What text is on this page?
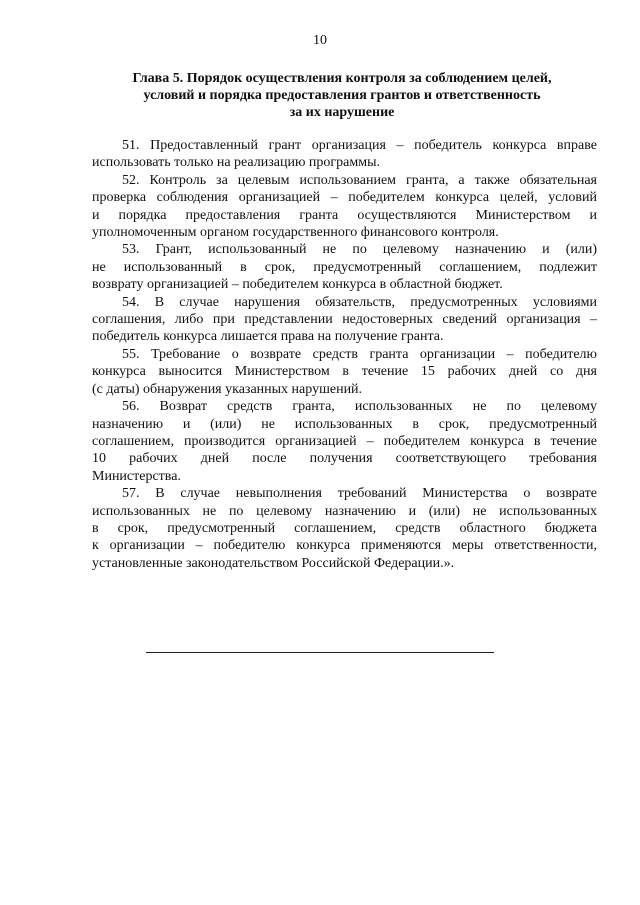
10
Глава 5. Порядок осуществления контроля за соблюдением целей,
условий и порядка предоставления грантов и ответственность
за их нарушение

51. Предоставленный грант организация – победитель конкурса вправе
использовать только на реализацию программы.

52. Контроль за целевым использованием гранта, а также обязательная
проверка соблюдения организацией – победителем конкурса целей, условий
и порядка предоставления гранта осуществляются Министерством и
уполномоченным органом государственного финансового контроля.

53. Грант, использованный не по целевому назначению и (или)
не использованный в срок, предусмотренный соглашением, подлежит
возврату организацией – победителем конкурса в областной бюджет.

54. В случае нарушения обязательств, предусмотренных условиями
соглашения, либо при представлении недостоверных сведений организация –
победитель конкурса лишается права на получение гранта.

55. Требование о возврате средств гранта организации – победителю
конкурса выносится Министерством в течение 15 рабочих дней со дня
(с даты) обнаружения указанных нарушений.

56. Возврат средств гранта, использованных не по целевому
назначению и (или) не использованных в срок, предусмотренный
соглашением, производится организацией – победителем конкурса в течение
10 рабочих дней после получения соответствующего требования
Министерства.

57. В случае невыполнения требований Министерства о возврате
использованных не по целевому назначению и (или) не использованных
в срок, предусмотренный соглашением, средств областного бюджета
к организации – победителю конкурса применяются меры ответственности,
установленные законодательством Российской Федерации.».
